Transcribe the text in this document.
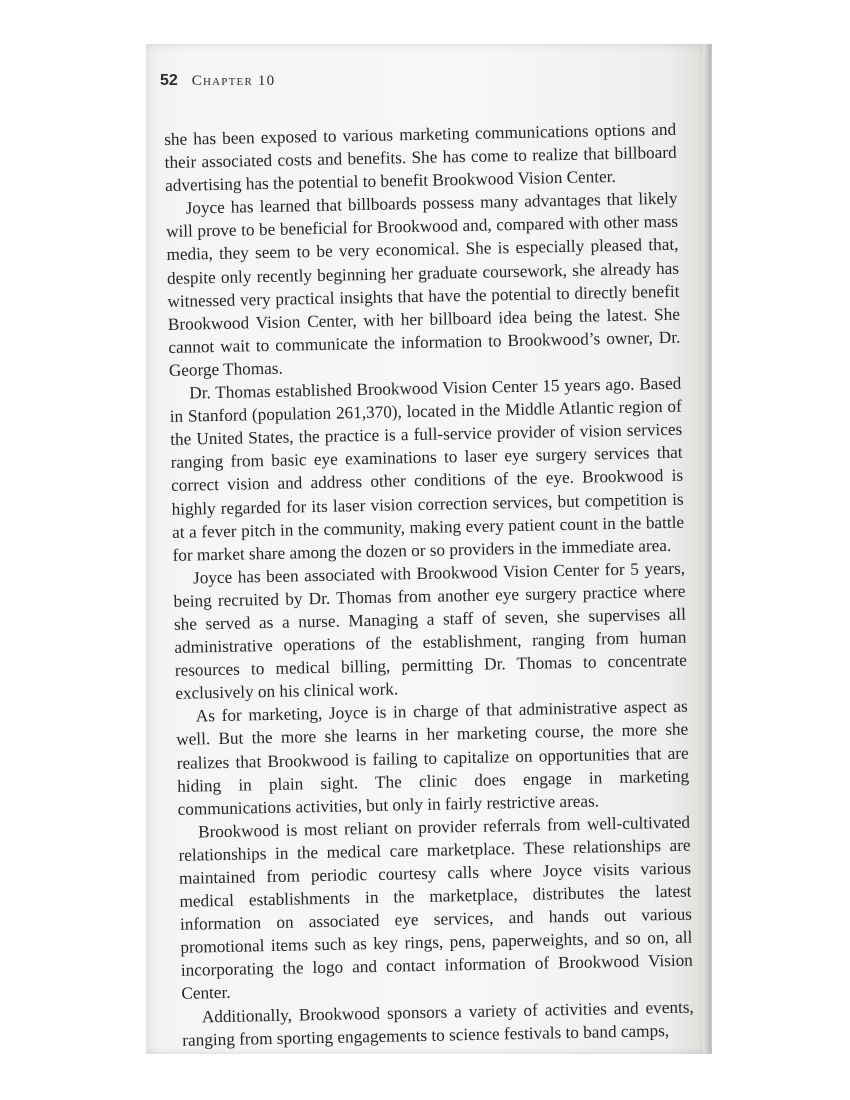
52 Chapter 10

she has been exposed to various marketing communications options and their associated costs and benefits. She has come to realize that billboard advertising has the potential to benefit Brookwood Vision Center.

Joyce has learned that billboards possess many advantages that likely will prove to be beneficial for Brookwood and, compared with other mass media, they seem to be very economical. She is especially pleased that, despite only recently beginning her graduate coursework, she already has witnessed very practical insights that have the potential to directly benefit Brookwood Vision Center, with her billboard idea being the latest. She cannot wait to communicate the information to Brookwood’s owner, Dr. George Thomas.

Dr. Thomas established Brookwood Vision Center 15 years ago. Based in Stanford (population 261,370), located in the Middle Atlantic region of the United States, the practice is a full-service provider of vision services ranging from basic eye examinations to laser eye surgery services that correct vision and address other conditions of the eye. Brookwood is highly regarded for its laser vision correction services, but competition is at a fever pitch in the community, making every patient count in the battle for market share among the dozen or so providers in the immediate area.

Joyce has been associated with Brookwood Vision Center for 5 years, being recruited by Dr. Thomas from another eye surgery practice where she served as a nurse. Managing a staff of seven, she supervises all administrative operations of the establishment, ranging from human resources to medical billing, permitting Dr. Thomas to concentrate exclusively on his clinical work.

As for marketing, Joyce is in charge of that administrative aspect as well. But the more she learns in her marketing course, the more she realizes that Brookwood is failing to capitalize on opportunities that are hiding in plain sight. The clinic does engage in marketing communications activities, but only in fairly restrictive areas.

Brookwood is most reliant on provider referrals from well-cultivated relationships in the medical care marketplace. These relationships are maintained from periodic courtesy calls where Joyce visits various medical establishments in the marketplace, distributes the latest information on associated eye services, and hands out various promotional items such as key rings, pens, paperweights, and so on, all incorporating the logo and contact information of Brookwood Vision Center.

Additionally, Brookwood sponsors a variety of activities and events, ranging from sporting engagements to science festivals to band camps,
